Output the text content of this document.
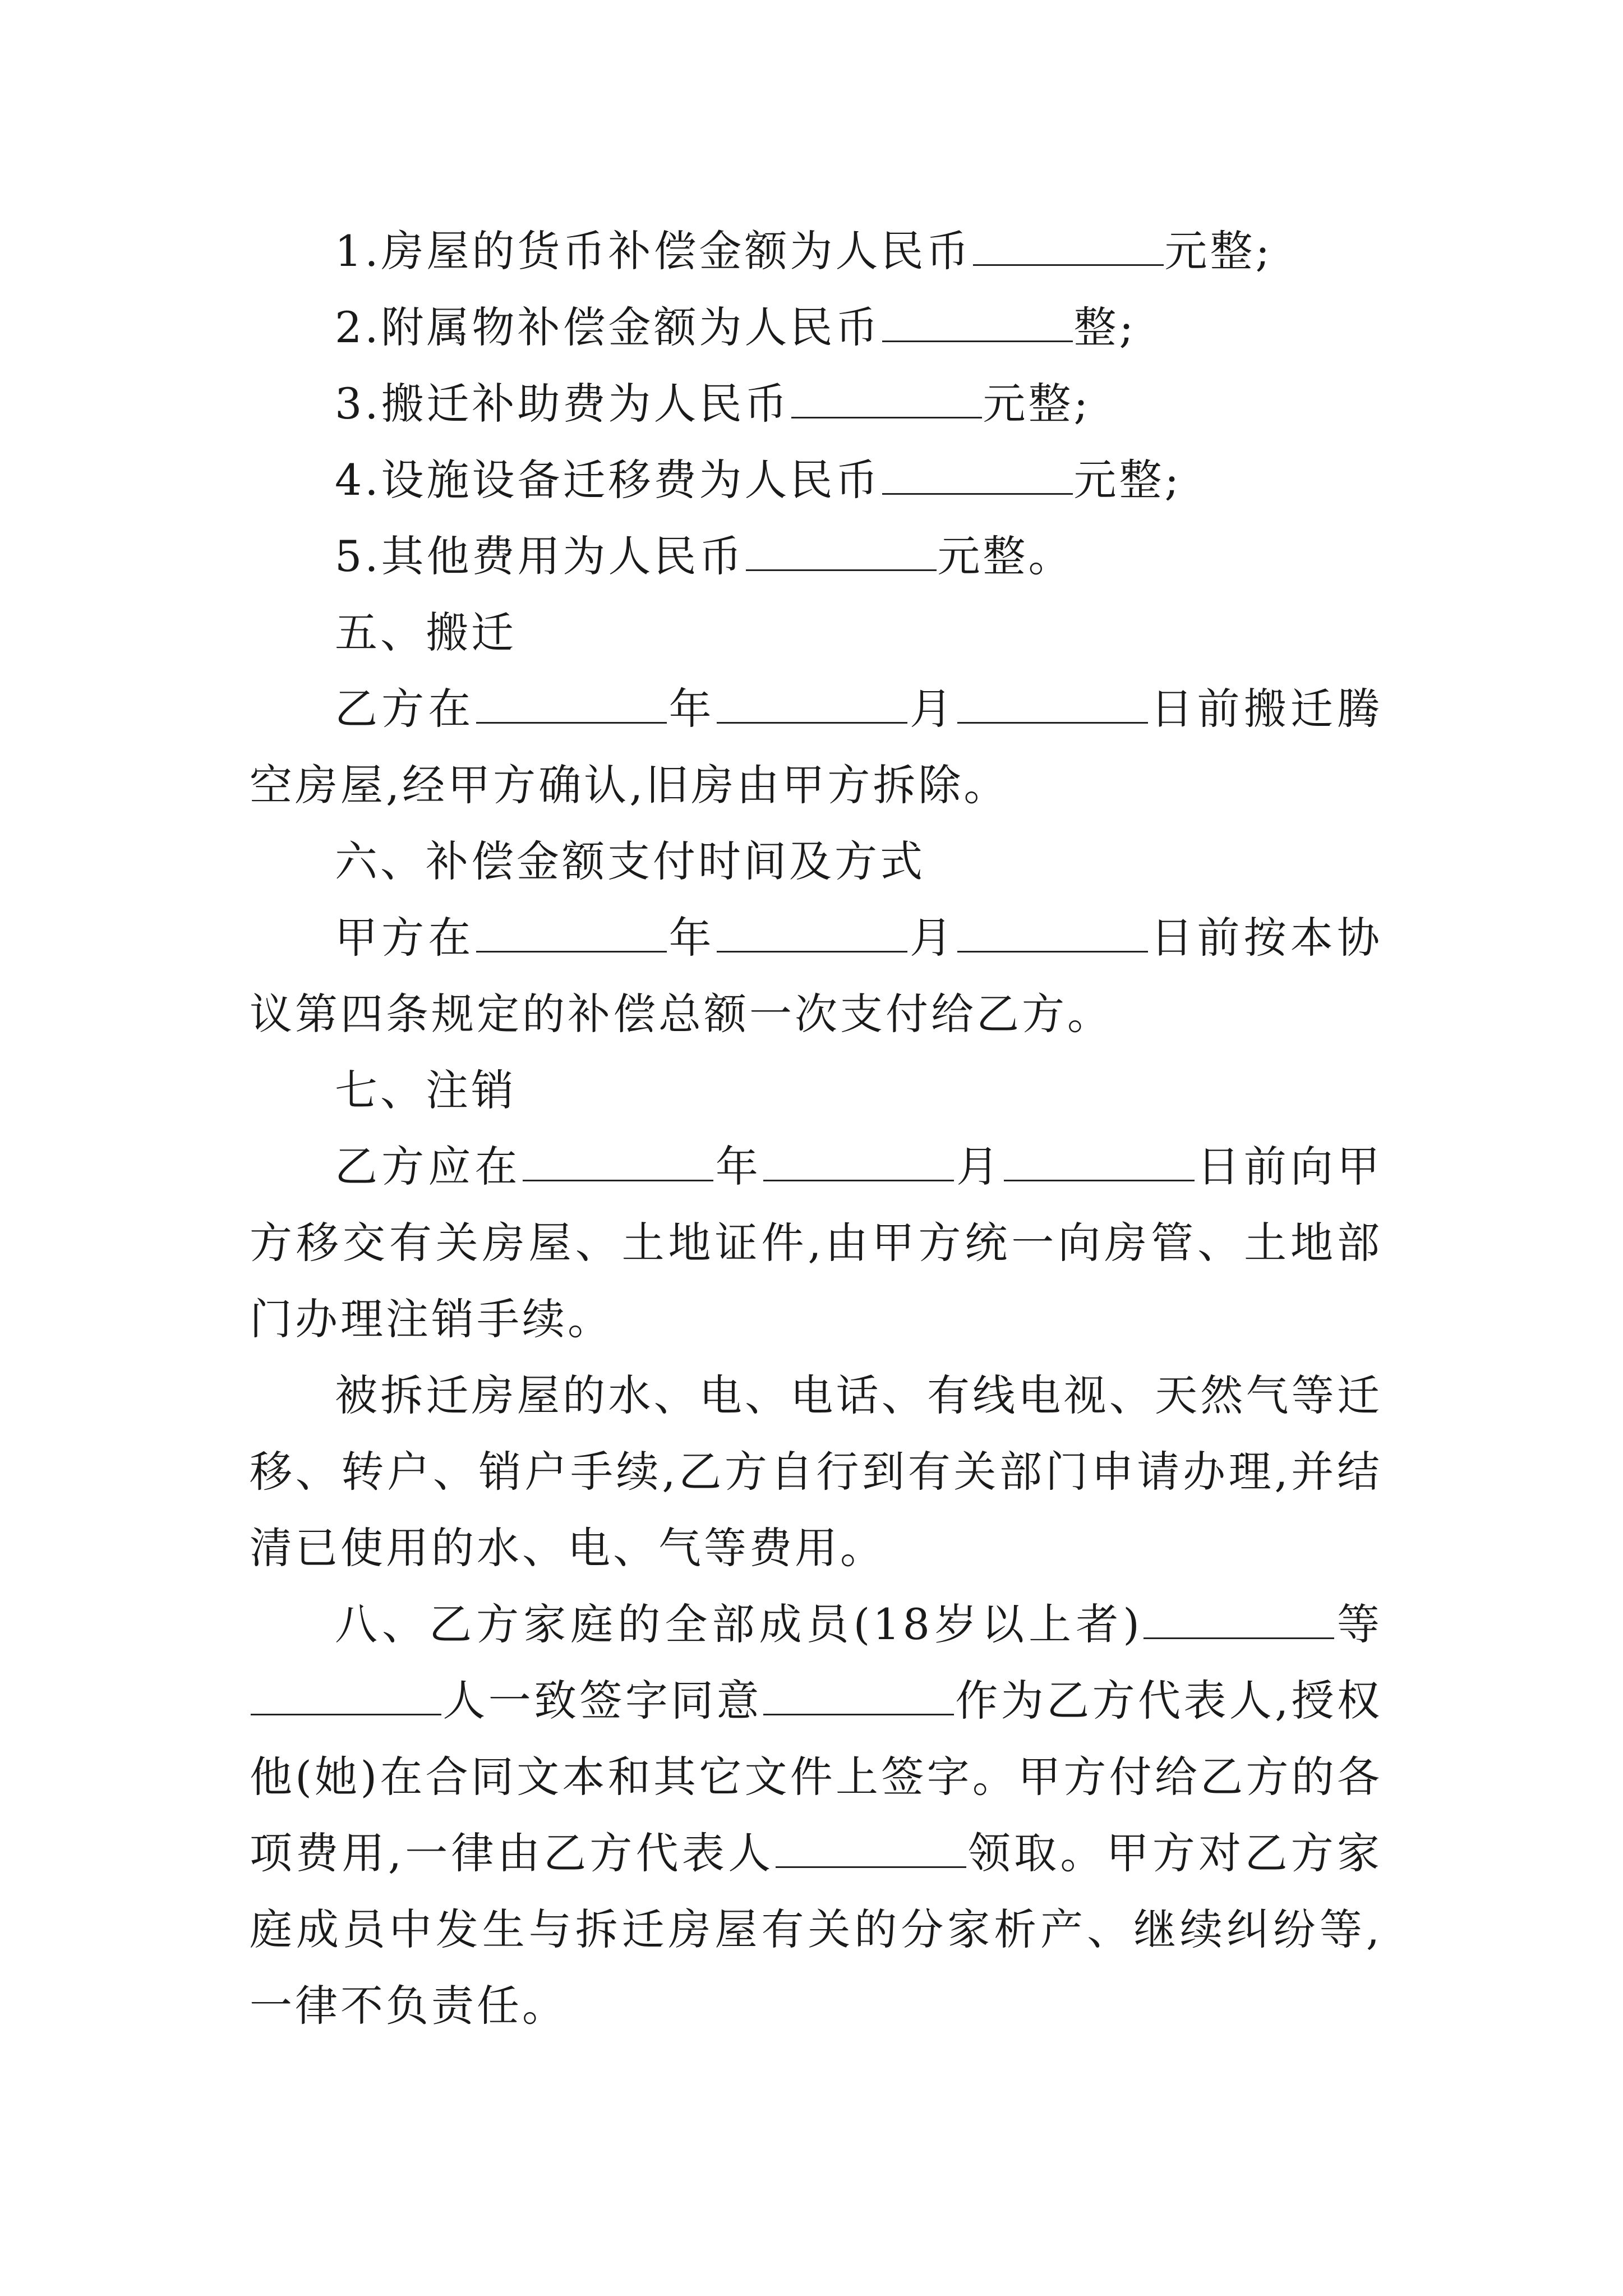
1.房屋的货币补偿金额为人民币	元整;

2.附属物补偿金额为人民币	整;

3.搬迁补助费为人民币	元整;

4.设施设备迁移费为人民币	元整;

5.其他费用为人民币	元整。

五、搬迁

乙方在	年	月	日前搬迁腾空房屋,经甲方确认,旧房由甲方拆除。

六、补偿金额支付时间及方式

甲方在	年	月	日前按本协议第四条规定的补偿总额一次支付给乙方。

七、注销

乙方应在	年	月	日前向甲方移交有关房屋、土地证件,由甲方统一向房管、土地部门办理注销手续。

被拆迁房屋的水、电、电话、有线电视、天然气等迁移、转户、销户手续,乙方自行到有关部门申请办理,并结清已使用的水、电、气等费用。

八、乙方家庭的全部成员(18岁以上者)	等人一致签字同意	作为乙方代表人,授权他(她)在合同文本和其它文件上签字。甲方付给乙方的各项费用,一律由乙方代表人	领取。甲方对乙方家庭成员中发生与拆迁房屋有关的分家析产、继续纠纷等,一律不负责任。
